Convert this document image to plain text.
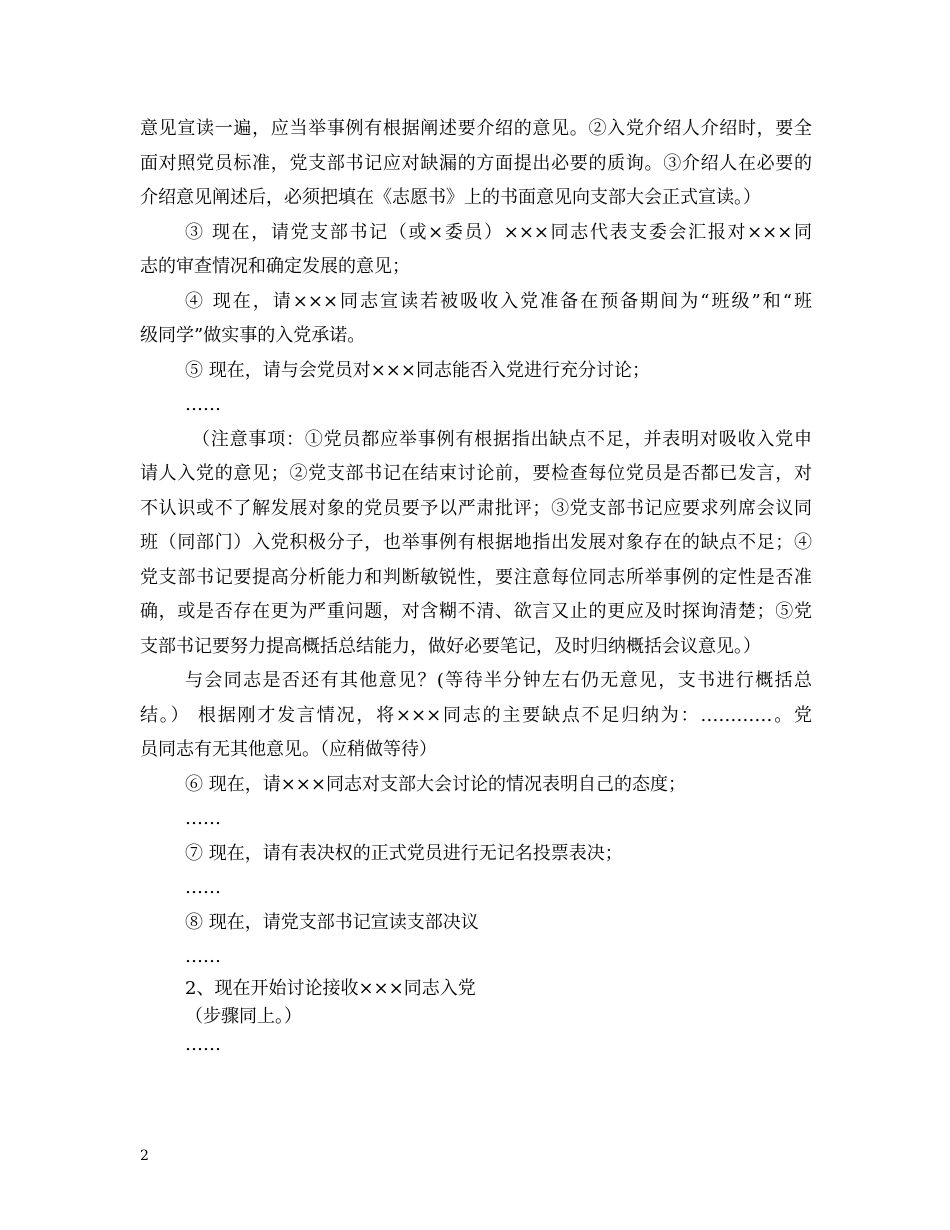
意见宣读一遍，应当举事例有根据阐述要介绍的意见。②入党介绍人介绍时，要全
面对照党员标准，党支部书记应对缺漏的方面提出必要的质询。③介绍人在必要的
介绍意见阐述后，必须把填在《志愿书》上的书面意见向支部大会正式宣读。）
③ 现在，请党支部书记（或×委员）×××同志代表支委会汇报对×××同
志的审查情况和确定发展的意见；
④ 现在，请×××同志宣读若被吸收入党准备在预备期间为“班级”和“班
级同学”做实事的入党承诺。
⑤ 现在，请与会党员对×××同志能否入党进行充分讨论；
……
（注意事项：①党员都应举事例有根据指出缺点不足，并表明对吸收入党申
请人入党的意见；②党支部书记在结束讨论前，要检查每位党员是否都已发言，对
不认识或不了解发展对象的党员要予以严肃批评；③党支部书记应要求列席会议同
班（同部门）入党积极分子，也举事例有根据地指出发展对象存在的缺点不足；④
党支部书记要提高分析能力和判断敏锐性，要注意每位同志所举事例的定性是否准
确，或是否存在更为严重问题，对含糊不清、欲言又止的更应及时探询清楚；⑤党
支部书记要努力提高概括总结能力，做好必要笔记，及时归纳概括会议意见。）
与会同志是否还有其他意见？(等待半分钟左右仍无意见，支书进行概括总
结。） 根据刚才发言情况，将×××同志的主要缺点不足归纳为：…………。党
员同志有无其他意见。（应稍做等待）
⑥ 现在，请×××同志对支部大会讨论的情况表明自己的态度；
……
⑦ 现在，请有表决权的正式党员进行无记名投票表决；
……
⑧ 现在，请党支部书记宣读支部决议
……
2、现在开始讨论接收×××同志入党
（步骤同上。）
……
2
